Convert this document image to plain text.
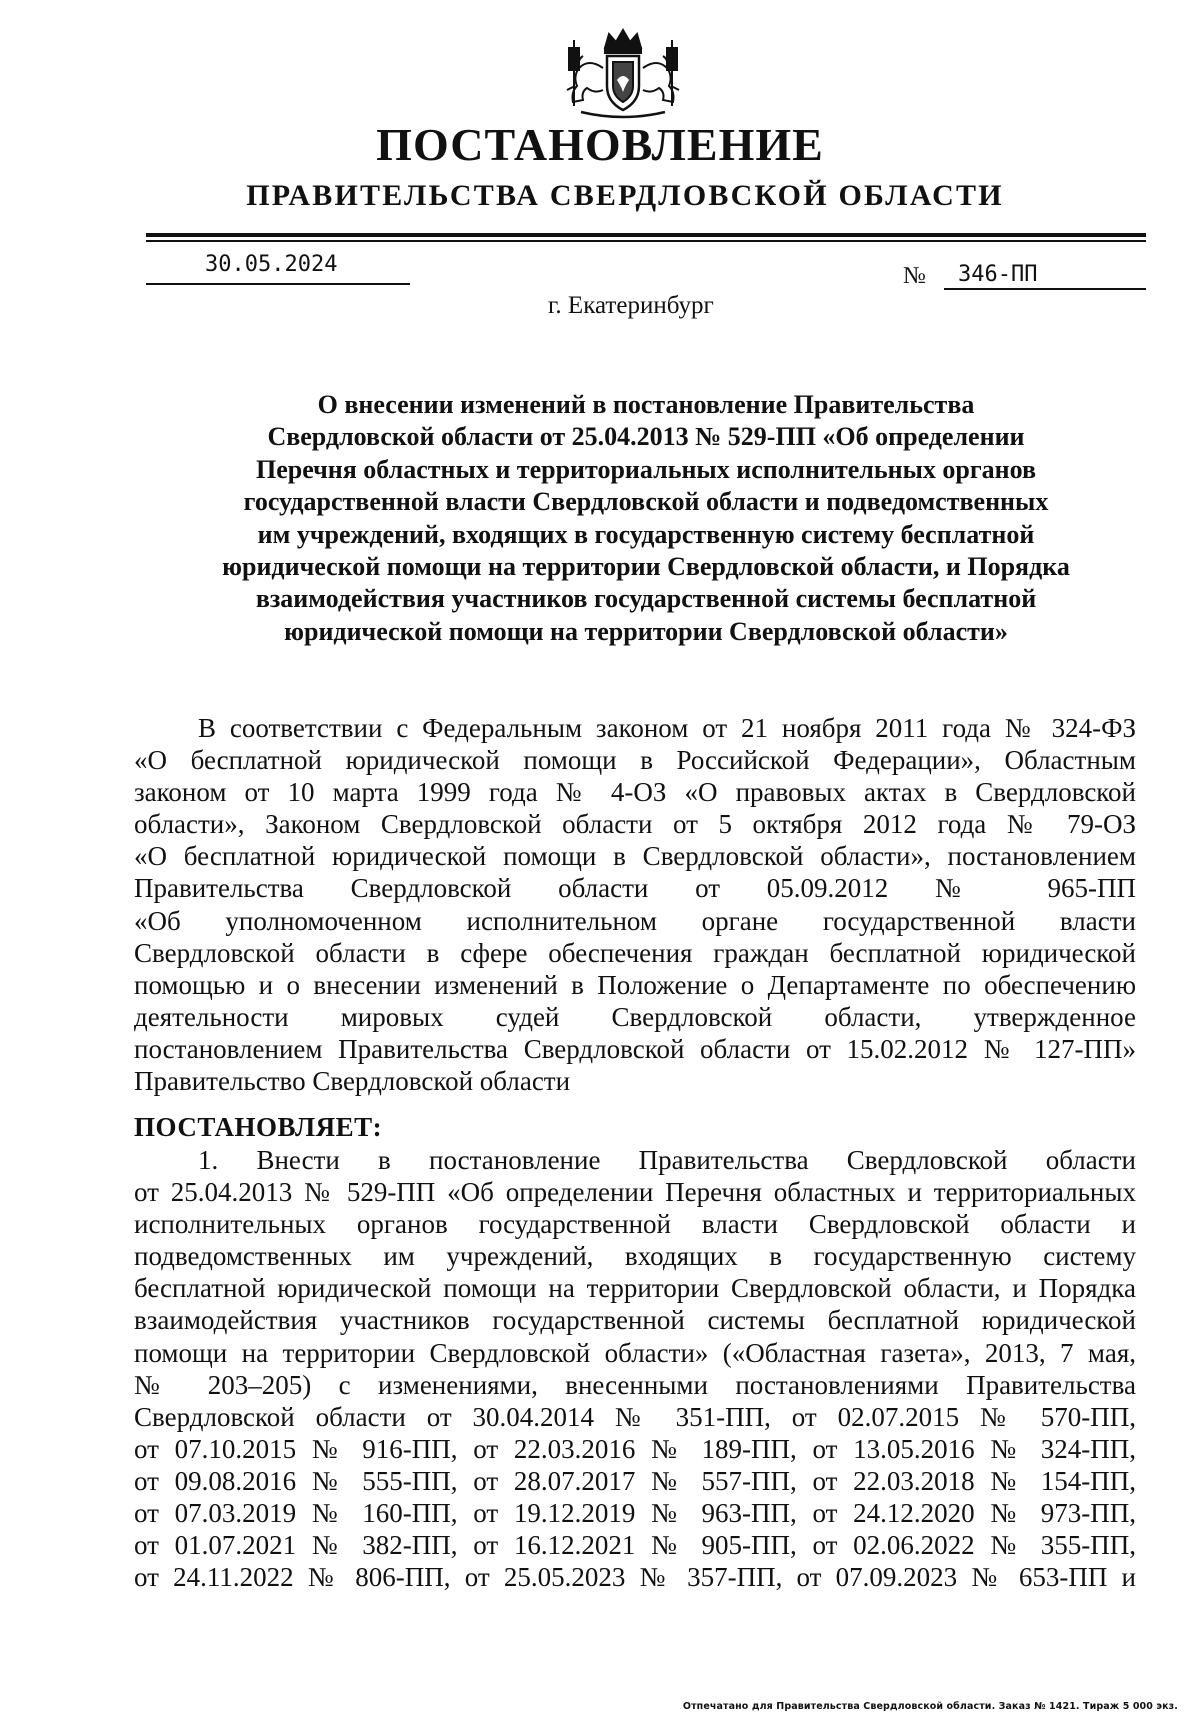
ПОСТАНОВЛЕНИЕ
ПРАВИТЕЛЬСТВА СВЕРДЛОВСКОЙ ОБЛАСТИ
30.05.2024	№ 346-ПП
г. Екатеринбург
О внесении изменений в постановление Правительства
Свердловской области от 25.04.2013 № 529-ПП «Об определении
Перечня областных и территориальных исполнительных органов
государственной власти Свердловской области и подведомственных
им учреждений, входящих в государственную систему бесплатной
юридической помощи на территории Свердловской области, и Порядка
взаимодействия участников государственной системы бесплатной
юридической помощи на территории Свердловской области»
В соответствии с Федеральным законом от 21 ноября 2011 года № 324-ФЗ
«О бесплатной юридической помощи в Российской Федерации», Областным
законом от 10 марта 1999 года № 4-ОЗ «О правовых актах в Свердловской
области», Законом Свердловской области от 5 октября 2012 года № 79-ОЗ
«О бесплатной юридической помощи в Свердловской области», постановлением
Правительства Свердловской области от 05.09.2012 № 965-ПП
«Об уполномоченном исполнительном органе государственной власти
Свердловской области в сфере обеспечения граждан бесплатной юридической
помощью и о внесении изменений в Положение о Департаменте по обеспечению
деятельности мировых судей Свердловской области, утвержденное
постановлением Правительства Свердловской области от 15.02.2012 № 127-ПП»
Правительство Свердловской области
ПОСТАНОВЛЯЕТ:
1. Внести в постановление Правительства Свердловской области
от 25.04.2013 № 529-ПП «Об определении Перечня областных и территориальных
исполнительных органов государственной власти Свердловской области и
подведомственных им учреждений, входящих в государственную систему
бесплатной юридической помощи на территории Свердловской области, и Порядка
взаимодействия участников государственной системы бесплатной юридической
помощи на территории Свердловской области» («Областная газета», 2013, 7 мая,
№ 203–205) с изменениями, внесенными постановлениями Правительства
Свердловской области от 30.04.2014 № 351-ПП, от 02.07.2015 № 570-ПП,
от 07.10.2015 № 916-ПП, от 22.03.2016 № 189-ПП, от 13.05.2016 № 324-ПП,
от 09.08.2016 № 555-ПП, от 28.07.2017 № 557-ПП, от 22.03.2018 № 154-ПП,
от 07.03.2019 № 160-ПП, от 19.12.2019 № 963-ПП, от 24.12.2020 № 973-ПП,
от 01.07.2021 № 382-ПП, от 16.12.2021 № 905-ПП, от 02.06.2022 № 355-ПП,
от 24.11.2022 № 806-ПП, от 25.05.2023 № 357-ПП, от 07.09.2023 № 653-ПП и
Отпечатано для Правительства Свердловской области. Заказ № 1421. Тираж 5 000 экз.
